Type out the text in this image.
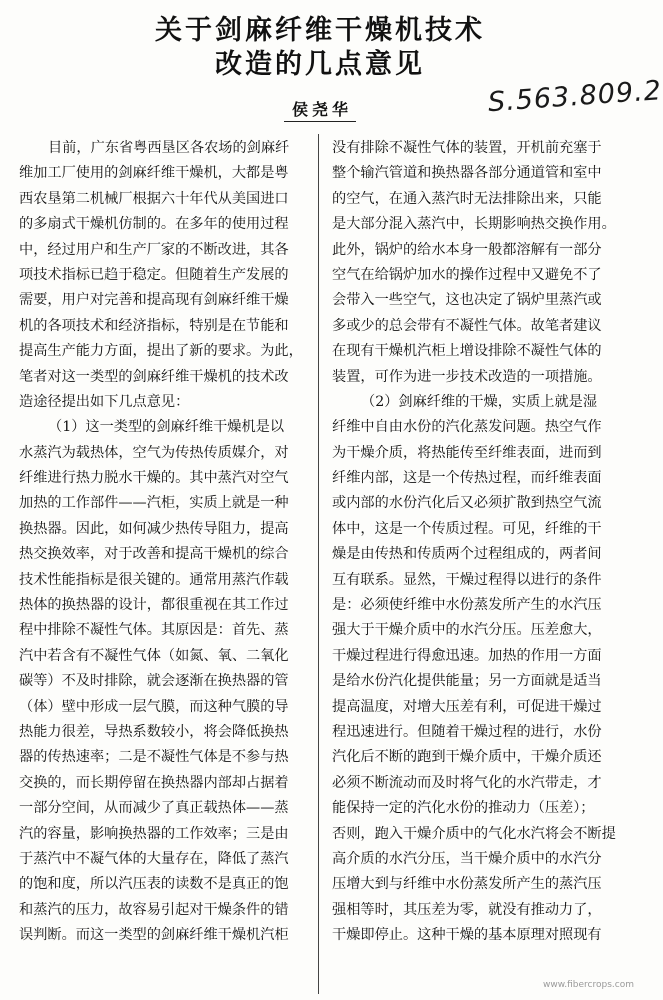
关于剑麻纤维干燥机技术
改造的几点意见
S.563.809.2
侯尧华
目前，广东省粤西垦区各农场的剑麻纤
维加工厂使用的剑麻纤维干燥机，大都是粤
西农垦第二机械厂根据六十年代从美国进口
的多扇式干燥机仿制的。在多年的使用过程
中，经过用户和生产厂家的不断改进，其各
项技术指标已趋于稳定。但随着生产发展的
需要，用户对完善和提高现有剑麻纤维干燥
机的各项技术和经济指标，特别是在节能和
提高生产能力方面，提出了新的要求。为此，
笔者对这一类型的剑麻纤维干燥机的技术改
造途径提出如下几点意见：
（1）这一类型的剑麻纤维干燥机是以
水蒸汽为载热体，空气为传热传质媒介，对
纤维进行热力脱水干燥的。其中蒸汽对空气
加热的工作部件——汽柜，实质上就是一种
换热器。因此，如何减少热传导阻力，提高
热交换效率，对于改善和提高干燥机的综合
技术性能指标是很关键的。通常用蒸汽作载
热体的换热器的设计，都很重视在其工作过
程中排除不凝性气体。其原因是：首先、蒸
汽中若含有不凝性气体（如氮、氧、二氧化
碳等）不及时排除，就会逐渐在换热器的管
（体）壁中形成一层气膜，而这种气膜的导
热能力很差，导热系数较小，将会降低换热
器的传热速率；二是不凝性气体是不参与热
交换的，而长期停留在换热器内部却占据着
一部分空间，从而减少了真正载热体——蒸
汽的容量，影响换热器的工作效率；三是由
于蒸汽中不凝气体的大量存在，降低了蒸汽
的饱和度，所以汽压表的读数不是真正的饱
和蒸汽的压力，故容易引起对干燥条件的错
误判断。而这一类型的剑麻纤维干燥机汽柜
没有排除不凝性气体的装置，开机前充塞于
整个输汽管道和换热器各部分通道管和室中
的空气，在通入蒸汽时无法排除出来，只能
是大部分混入蒸汽中，长期影响热交换作用。
此外，锅炉的给水本身一般都溶解有一部分
空气在给锅炉加水的操作过程中又避免不了
会带入一些空气，这也决定了锅炉里蒸汽或
多或少的总会带有不凝性气体。故笔者建议
在现有干燥机汽柜上增设排除不凝性气体的
装置，可作为进一步技术改造的一项措施。
（2）剑麻纤维的干燥，实质上就是湿
纤维中自由水份的汽化蒸发问题。热空气作
为干燥介质，将热能传至纤维表面，进而到
纤维内部，这是一个传热过程，而纤维表面
或内部的水份汽化后又必须扩散到热空气流
体中，这是一个传质过程。可见，纤维的干
燥是由传热和传质两个过程组成的，两者间
互有联系。显然，干燥过程得以进行的条件
是：必须使纤维中水份蒸发所产生的水汽压
强大于干燥介质中的水汽分压。压差愈大，
干燥过程进行得愈迅速。加热的作用一方面
是给水份汽化提供能量；另一方面就是适当
提高温度，对增大压差有利，可促进干燥过
程迅速进行。但随着干燥过程的进行，水份
汽化后不断的跑到干燥介质中，干燥介质还
必须不断流动而及时将气化的水汽带走，才
能保持一定的汽化水份的推动力（压差）；
否则，跑入干燥介质中的气化水汽将会不断提
高介质的水汽分压，当干燥介质中的水汽分
压增大到与纤维中水份蒸发所产生的蒸汽压
强相等时，其压差为零，就没有推动力了，
干燥即停止。这种干燥的基本原理对照现有
www.fibercrops.com
